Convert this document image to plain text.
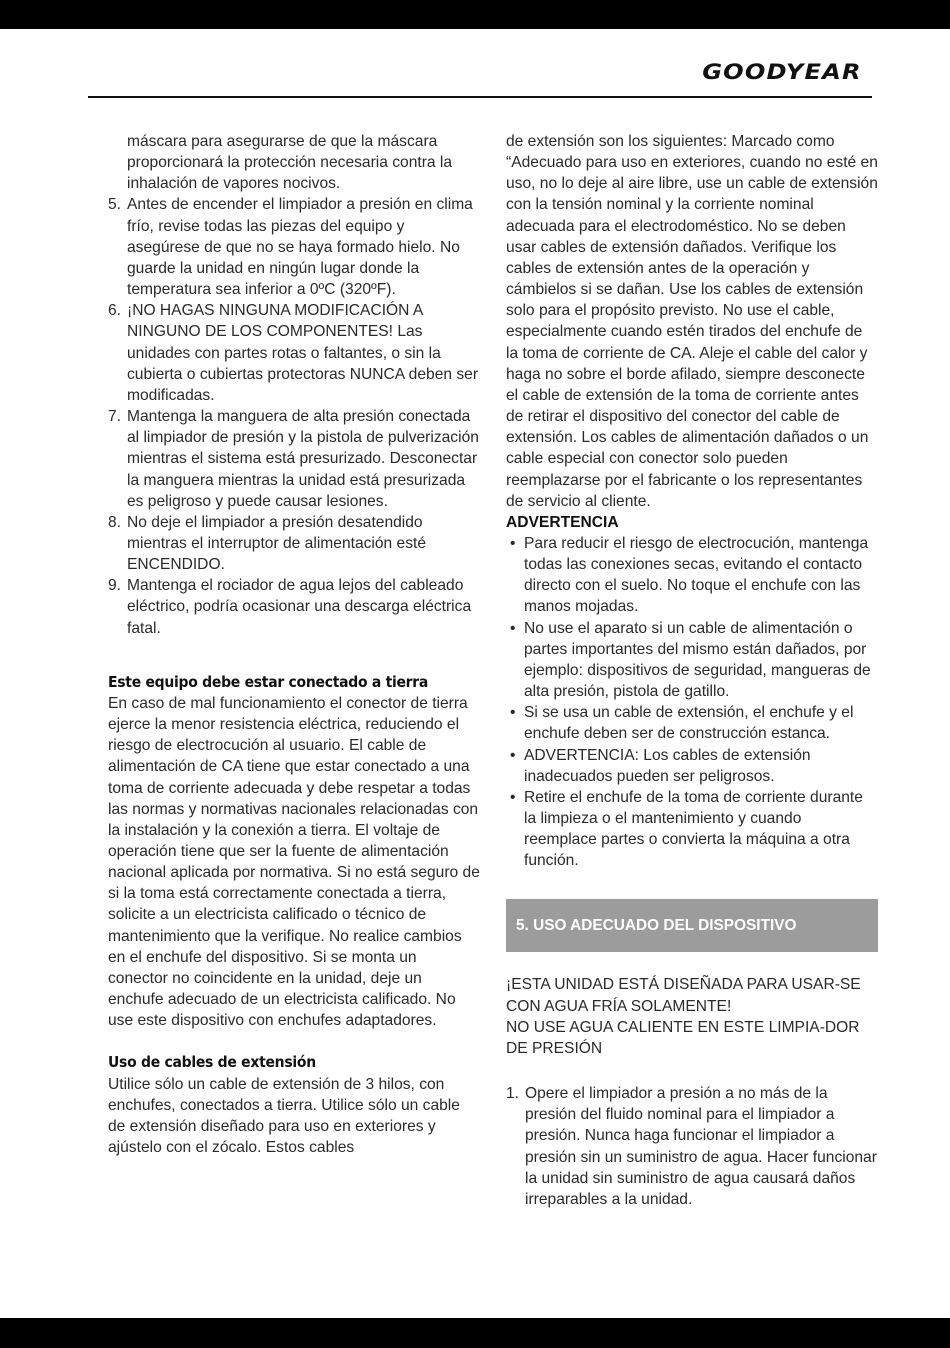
GOODYEAR

máscara para asegurarse de que la máscara proporcionará la protección necesaria contra la inhalación de vapores nocivos.

5. Antes de encender el limpiador a presión en clima frío, revise todas las piezas del equipo y asegúrese de que no se haya formado hielo. No guarde la unidad en ningún lugar donde la temperatura sea inferior a 0ºC (320ºF).
6. ¡NO HAGAS NINGUNA MODIFICACIÓN A NINGUNO DE LOS COMPONENTES! Las unidades con partes rotas o faltantes, o sin la cubierta o cubiertas protectoras NUNCA deben ser modificadas.
7. Mantenga la manguera de alta presión conectada al limpiador de presión y la pistola de pulverización mientras el sistema está presurizado. Desconectar la manguera mientras la unidad está presurizada es peligroso y puede causar lesiones.
8. No deje el limpiador a presión desatendido mientras el interruptor de alimentación esté ENCENDIDO.
9. Mantenga el rociador de agua lejos del cableado eléctrico, podría ocasionar una descarga eléctrica fatal.
Este equipo debe estar conectado a tierra

En caso de mal funcionamiento el conector de tierra ejerce la menor resistencia eléctrica, reduciendo el riesgo de electrocución al usuario. El cable de alimentación de CA tiene que estar conectado a una toma de corriente adecuada y debe respetar a todas las normas y normativas nacionales relacionadas con la instalación y la conexión a tierra. El voltaje de operación tiene que ser la fuente de alimentación nacional aplicada por normativa. Si no está seguro de si la toma está correctamente conectada a tierra, solicite a un electricista calificado o técnico de mantenimiento que la verifique. No realice cambios en el enchufe del dispositivo. Si se monta un conector no coincidente en la unidad, deje un enchufe adecuado de un electricista calificado. No use este dispositivo con enchufes adaptadores.

Uso de cables de extensión

Utilice sólo un cable de extensión de 3 hilos, con enchufes, conectados a tierra. Utilice sólo un cable de extensión diseñado para uso en exteriores y ajústelo con el zócalo. Estos cables

de extensión son los siguientes: Marcado como “Adecuado para uso en exteriores, cuando no esté en uso, no lo deje al aire libre, use un cable de extensión con la tensión nominal y la corriente nominal adecuada para el electrodoméstico. No se deben usar cables de extensión dañados. Verifique los cables de extensión antes de la operación y cámbielos si se dañan. Use los cables de extensión solo para el propósito previsto. No use el cable, especialmente cuando estén tirados del enchufe de la toma de corriente de CA. Aleje el cable del calor y haga no sobre el borde afilado, siempre desconecte el cable de extensión de la toma de corriente antes de retirar el dispositivo del conector del cable de extensión. Los cables de alimentación dañados o un cable especial con conector solo pueden reemplazarse por el fabricante o los representantes de servicio al cliente.

ADVERTENCIA

• Para reducir el riesgo de electrocución, mantenga todas las conexiones secas, evitando el contacto directo con el suelo. No toque el enchufe con las manos mojadas.
• No use el aparato si un cable de alimentación o partes importantes del mismo están dañados, por ejemplo: dispositivos de seguridad, mangueras de alta presión, pistola de gatillo.
• Si se usa un cable de extensión, el enchufe y el enchufe deben ser de construcción estanca.
• ADVERTENCIA: Los cables de extensión inadecuados pueden ser peligrosos.
• Retire el enchufe de la toma de corriente durante la limpieza o el mantenimiento y cuando reemplace partes o convierta la máquina a otra función.
5. USO ADECUADO DEL DISPOSITIVO

¡ESTA UNIDAD ESTÁ DISEÑADA PARA USAR-SE CON AGUA FRÍA SOLAMENTE!

NO USE AGUA CALIENTE EN ESTE LIMPIA-DOR DE PRESIÓN

1. Opere el limpiador a presión a no más de la presión del fluido nominal para el limpiador a presión. Nunca haga funcionar el limpiador a presión sin un suministro de agua. Hacer funcionar la unidad sin suministro de agua causará daños irreparables a la unidad.
